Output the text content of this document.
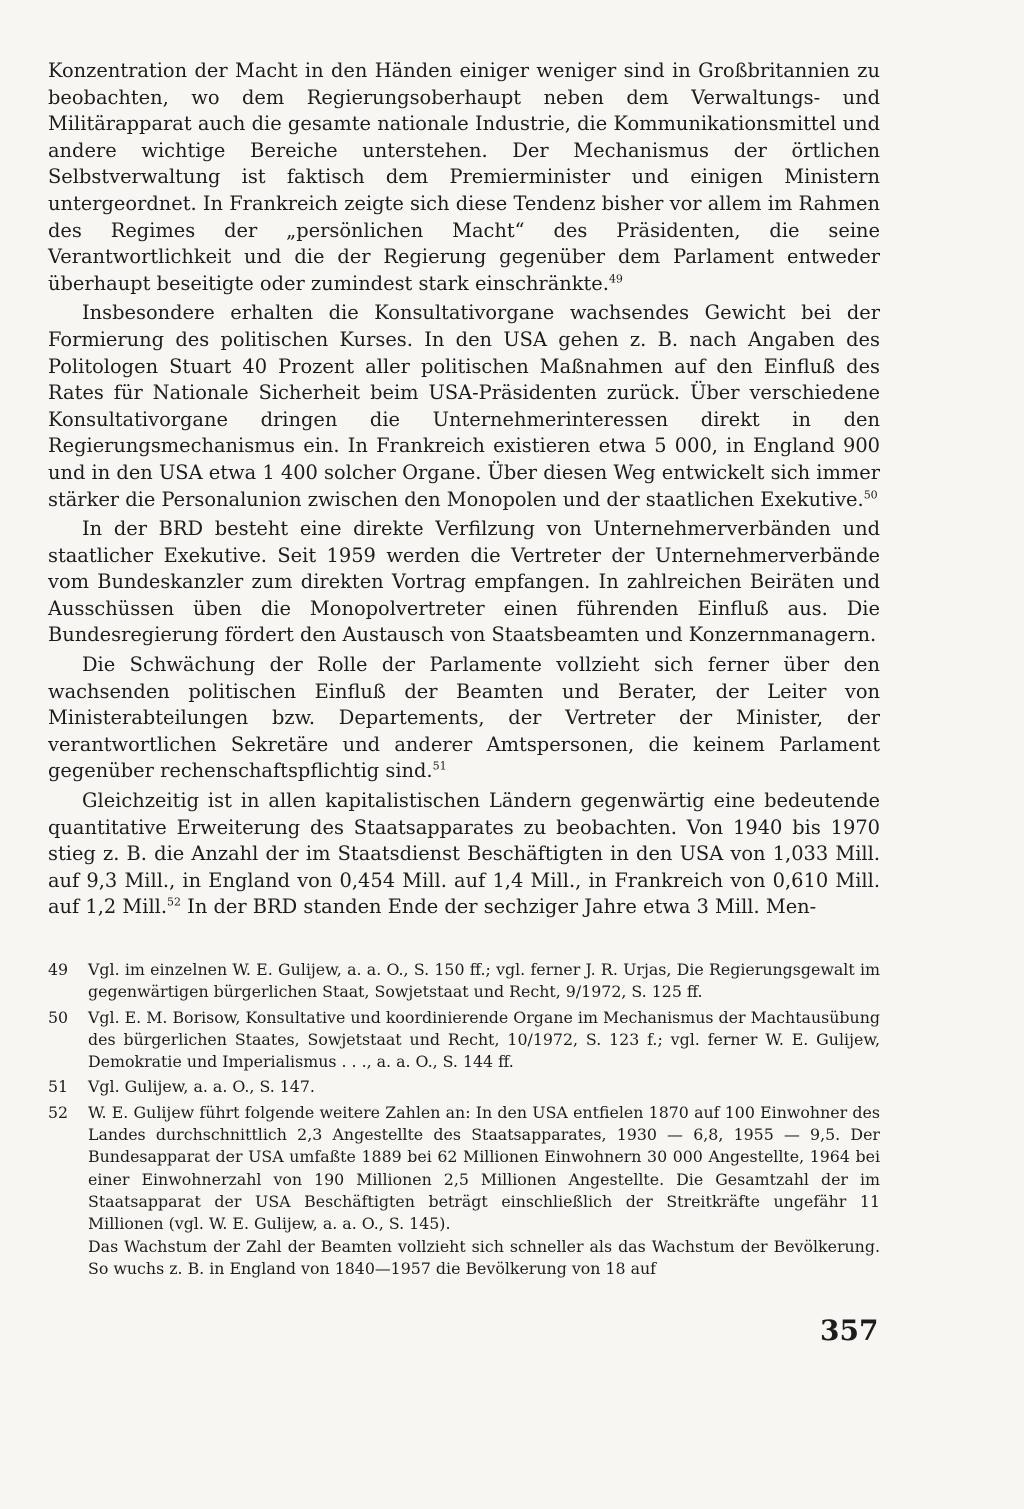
Konzentration der Macht in den Händen einiger weniger sind in Großbritannien zu beobachten, wo dem Regierungsoberhaupt neben dem Verwaltungs- und Militärapparat auch die gesamte nationale Industrie, die Kommunikationsmittel und andere wichtige Bereiche unterstehen. Der Mechanismus der örtlichen Selbstverwaltung ist faktisch dem Premierminister und einigen Ministern untergeordnet. In Frankreich zeigte sich diese Tendenz bisher vor allem im Rahmen des Regimes der „persönlichen Macht“ des Präsidenten, die seine Verantwortlichkeit und die der Regierung gegenüber dem Parlament entweder überhaupt beseitigte oder zumindest stark einschränkte.$^{49}$

Insbesondere erhalten die Konsultativorgane wachsendes Gewicht bei der Formierung des politischen Kurses. In den USA gehen z. B. nach Angaben des Politologen Stuart 40 Prozent aller politischen Maßnahmen auf den Einfluß des Rates für Nationale Sicherheit beim USA-Präsidenten zurück. Über verschiedene Konsultativorgane dringen die Unternehmerinteressen direkt in den Regierungsmechanismus ein. In Frankreich existieren etwa 5 000, in England 900 und in den USA etwa 1 400 solcher Organe. Über diesen Weg entwickelt sich immer stärker die Personalunion zwischen den Monopolen und der staatlichen Exekutive.$^{50}$

In der BRD besteht eine direkte Verfilzung von Unternehmerverbänden und staatlicher Exekutive. Seit 1959 werden die Vertreter der Unternehmerverbände vom Bundeskanzler zum direkten Vortrag empfangen. In zahlreichen Beiräten und Ausschüssen üben die Monopolvertreter einen führenden Einfluß aus. Die Bundesregierung fördert den Austausch von Staatsbeamten und Konzernmanagern.

Die Schwächung der Rolle der Parlamente vollzieht sich ferner über den wachsenden politischen Einfluß der Beamten und Berater, der Leiter von Ministerabteilungen bzw. Departements, der Vertreter der Minister, der verantwortlichen Sekretäre und anderer Amtspersonen, die keinem Parlament gegenüber rechenschaftspflichtig sind.$^{51}$

Gleichzeitig ist in allen kapitalistischen Ländern gegenwärtig eine bedeutende quantitative Erweiterung des Staatsapparates zu beobachten. Von 1940 bis 1970 stieg z. B. die Anzahl der im Staatsdienst Beschäftigten in den USA von 1,033 Mill. auf 9,3 Mill., in England von 0,454 Mill. auf 1,4 Mill., in Frankreich von 0,610 Mill. auf 1,2 Mill.$^{52}$ In der BRD standen Ende der sechziger Jahre etwa 3 Mill. Men-

49	Vgl. im einzelnen W. E. Gulijew, a. a. O., S. 150 ff.; vgl. ferner J. R. Urjas, Die Regierungsgewalt im gegenwärtigen bürgerlichen Staat, Sowjetstaat und Recht, 9/1972, S. 125 ff.
50	Vgl. E. M. Borisow, Konsultative und koordinierende Organe im Mechanismus der Machtausübung des bürgerlichen Staates, Sowjetstaat und Recht, 10/1972, S. 123 f.; vgl. ferner W. E. Gulijew, Demokratie und Imperialismus . . ., a. a. O., S. 144 ff.
51	Vgl. Gulijew, a. a. O., S. 147.
52	W. E. Gulijew führt folgende weitere Zahlen an: In den USA entfielen 1870 auf 100 Einwohner des Landes durchschnittlich 2,3 Angestellte des Staatsapparates, 1930 — 6,8, 1955 — 9,5. Der Bundesapparat der USA umfaßte 1889 bei 62 Millionen Einwohnern 30 000 Angestellte, 1964 bei einer Einwohnerzahl von 190 Millionen 2,5 Millionen Angestellte. Die Gesamtzahl der im Staatsapparat der USA Beschäftigten beträgt einschließlich der Streitkräfte ungefähr 11 Millionen (vgl. W. E. Gulijew, a. a. O., S. 145).
Das Wachstum der Zahl der Beamten vollzieht sich schneller als das Wachstum der Bevölkerung. So wuchs z. B. in England von 1840—1957 die Bevölkerung von 18 auf
357
